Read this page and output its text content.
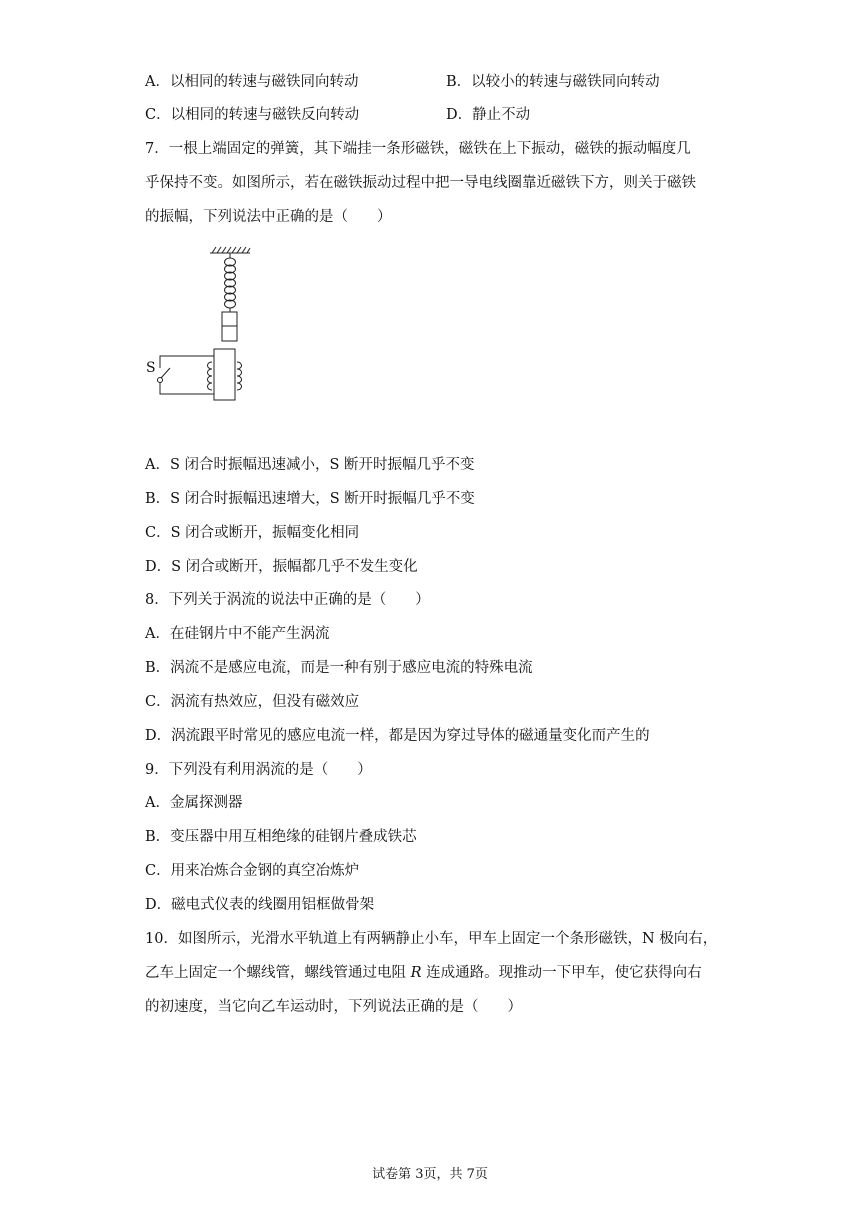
A．以相同的转速与磁铁同向转动	B．以较小的转速与磁铁同向转动
C．以相同的转速与磁铁反向转动	D．静止不动
7．一根上端固定的弹簧，其下端挂一条形磁铁，磁铁在上下振动，磁铁的振动幅度几
乎保持不变。如图所示，若在磁铁振动过程中把一导电线圈靠近磁铁下方，则关于磁铁
的振幅，下列说法中正确的是（　　）
S
A．S 闭合时振幅迅速减小，S 断开时振幅几乎不变
B．S 闭合时振幅迅速增大，S 断开时振幅几乎不变
C．S 闭合或断开，振幅变化相同
D．S 闭合或断开，振幅都几乎不发生变化
8．下列关于涡流的说法中正确的是（　　）
A．在硅钢片中不能产生涡流
B．涡流不是感应电流，而是一种有别于感应电流的特殊电流
C．涡流有热效应，但没有磁效应
D．涡流跟平时常见的感应电流一样，都是因为穿过导体的磁通量变化而产生的
9．下列没有利用涡流的是（　　）
A．金属探测器
B．变压器中用互相绝缘的硅钢片叠成铁芯
C．用来冶炼合金钢的真空冶炼炉
D．磁电式仪表的线圈用铝框做骨架
10．如图所示，光滑水平轨道上有两辆静止小车，甲车上固定一个条形磁铁，N 极向右，
乙车上固定一个螺线管，螺线管通过电阻 R 连成通路。现推动一下甲车，使它获得向右
的初速度，当它向乙车运动时，下列说法正确的是（　　）
试卷第 3页，共 7页
